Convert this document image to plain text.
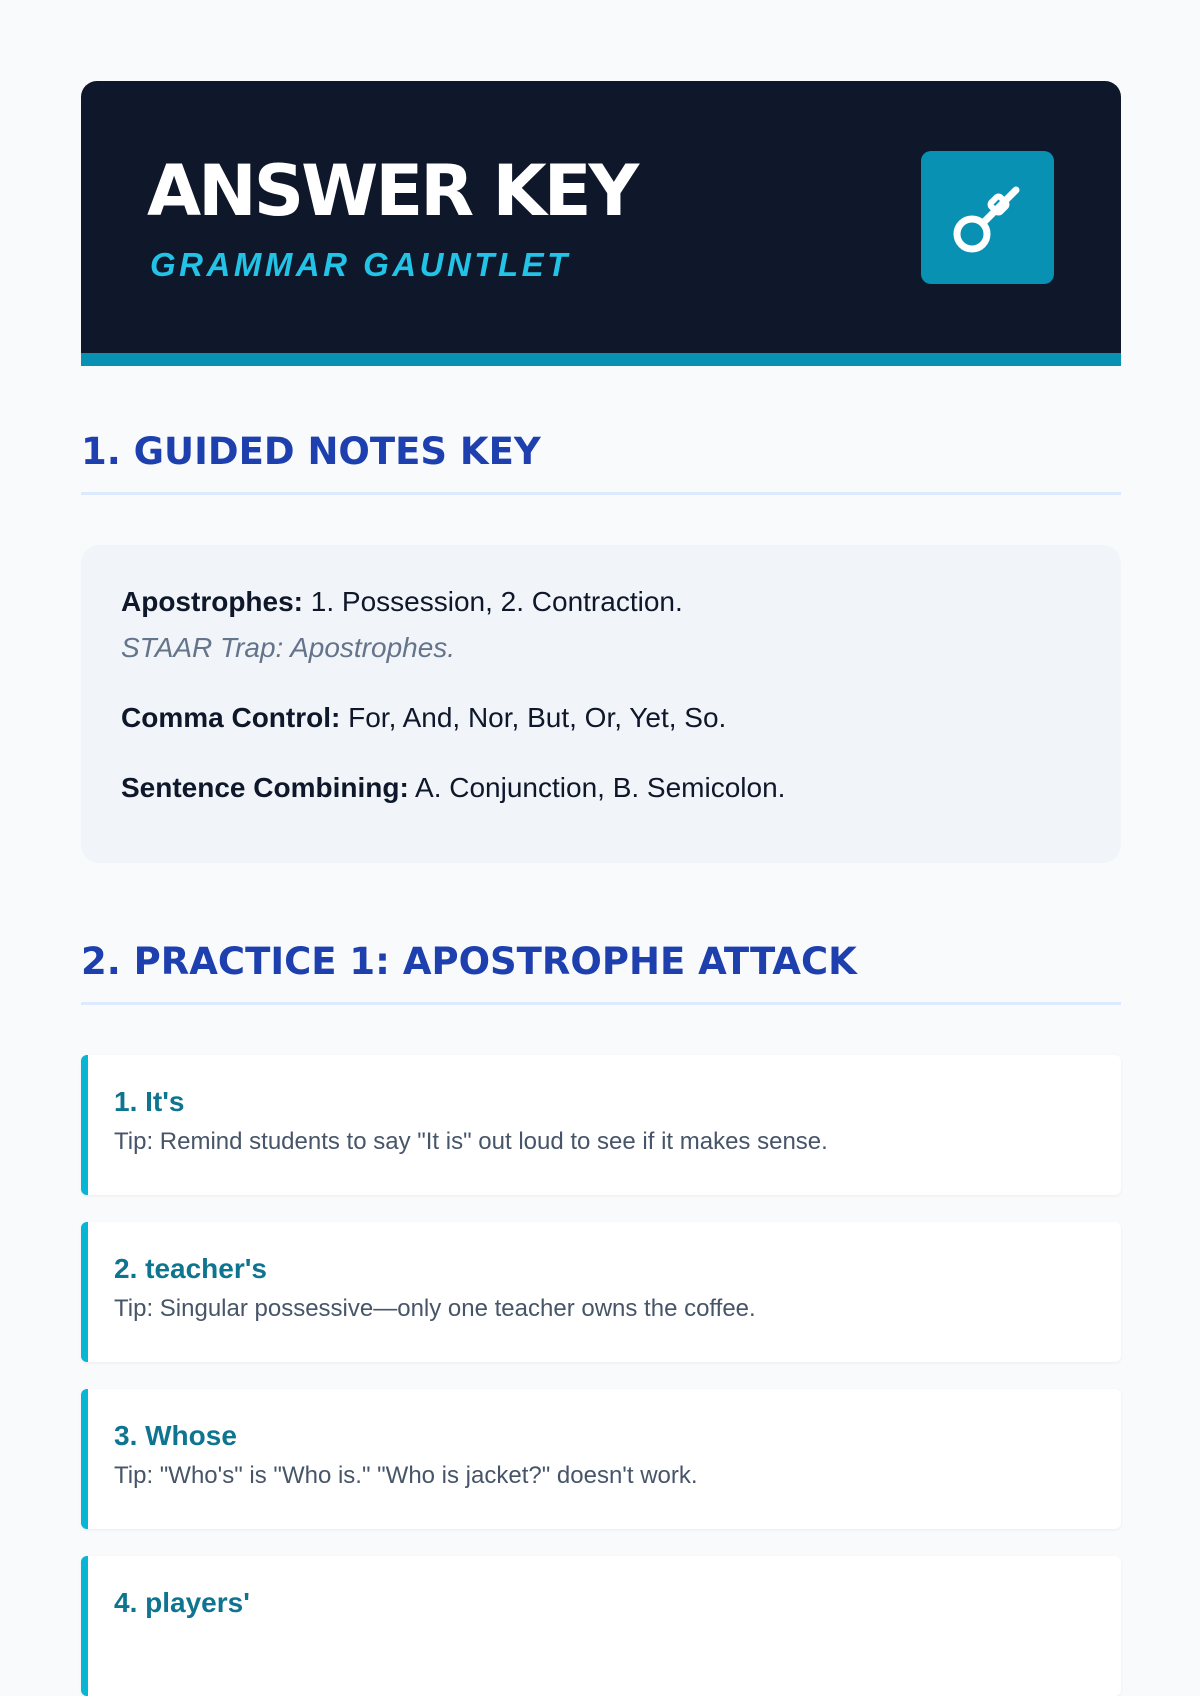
ANSWER KEY
GRAMMAR GAUNTLET
1. GUIDED NOTES KEY

Apostrophes: 1. Possession, 2. Contraction.

STAAR Trap: Apostrophes.

Comma Control: For, And, Nor, But, Or, Yet, So.

Sentence Combining: A. Conjunction, B. Semicolon.

2. PRACTICE 1: APOSTROPHE ATTACK
1. It's
Tip: Remind students to say "It is" out loud to see if it makes sense.
2. teacher's
Tip: Singular possessive—only one teacher owns the coffee.
3. Whose
Tip: "Who's" is "Who is." "Who is jacket?" doesn't work.
4. players'
